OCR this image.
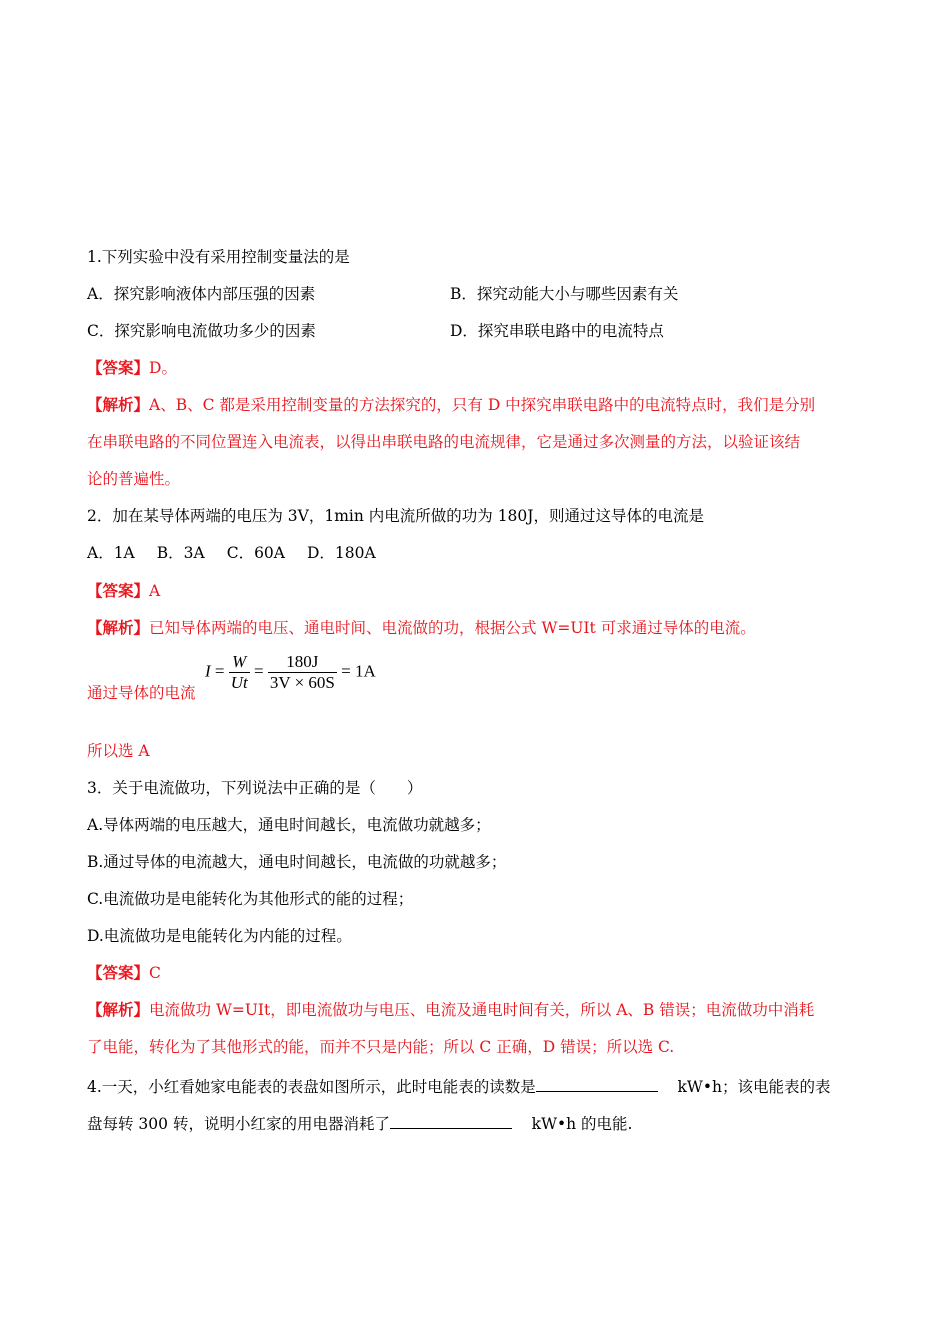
1.下列实验中没有采用控制变量法的是
A．探究影响液体内部压强的因素	B．探究动能大小与哪些因素有关
C．探究影响电流做功多少的因素	D．探究串联电路中的电流特点
【答案】D。
【解析】A、B、C 都是采用控制变量的方法探究的，只有 D 中探究串联电路中的电流特点时，我们是分别
在串联电路的不同位置连入电流表，以得出串联电路的电流规律，它是通过多次测量的方法，以验证该结
论的普遍性。
2．加在某导体两端的电压为 3V，1min 内电流所做的功为 180J，则通过这导体的电流是
A．1A B．3A C．60A D．180A
【答案】A
【解析】已知导体两端的电压、通电时间、电流做的功，根据公式 W=UIt 可求通过导体的电流。
通过导体的电流
$I = \frac{W}{Ut} = \frac{180J}{3V \times 60S} = 1A$
所以选 A
3．关于电流做功，下列说法中正确的是（　　）
A.导体两端的电压越大，通电时间越长，电流做功就越多；
B.通过导体的电流越大，通电时间越长，电流做的功就越多；
C.电流做功是电能转化为其他形式的能的过程；
D.电流做功是电能转化为内能的过程。
【答案】C
【解析】电流做功 W=UIt，即电流做功与电压、电流及通电时间有关，所以 A、B 错误；电流做功中消耗
了电能，转化为了其他形式的能，而并不只是内能；所以 C 正确，D 错误；所以选 C.
4.一天，小红看她家电能表的表盘如图所示，此时电能表的读数是	kW•h；该电能表的表
盘每转 300 转，说明小红家的用电器消耗了	kW•h 的电能.
